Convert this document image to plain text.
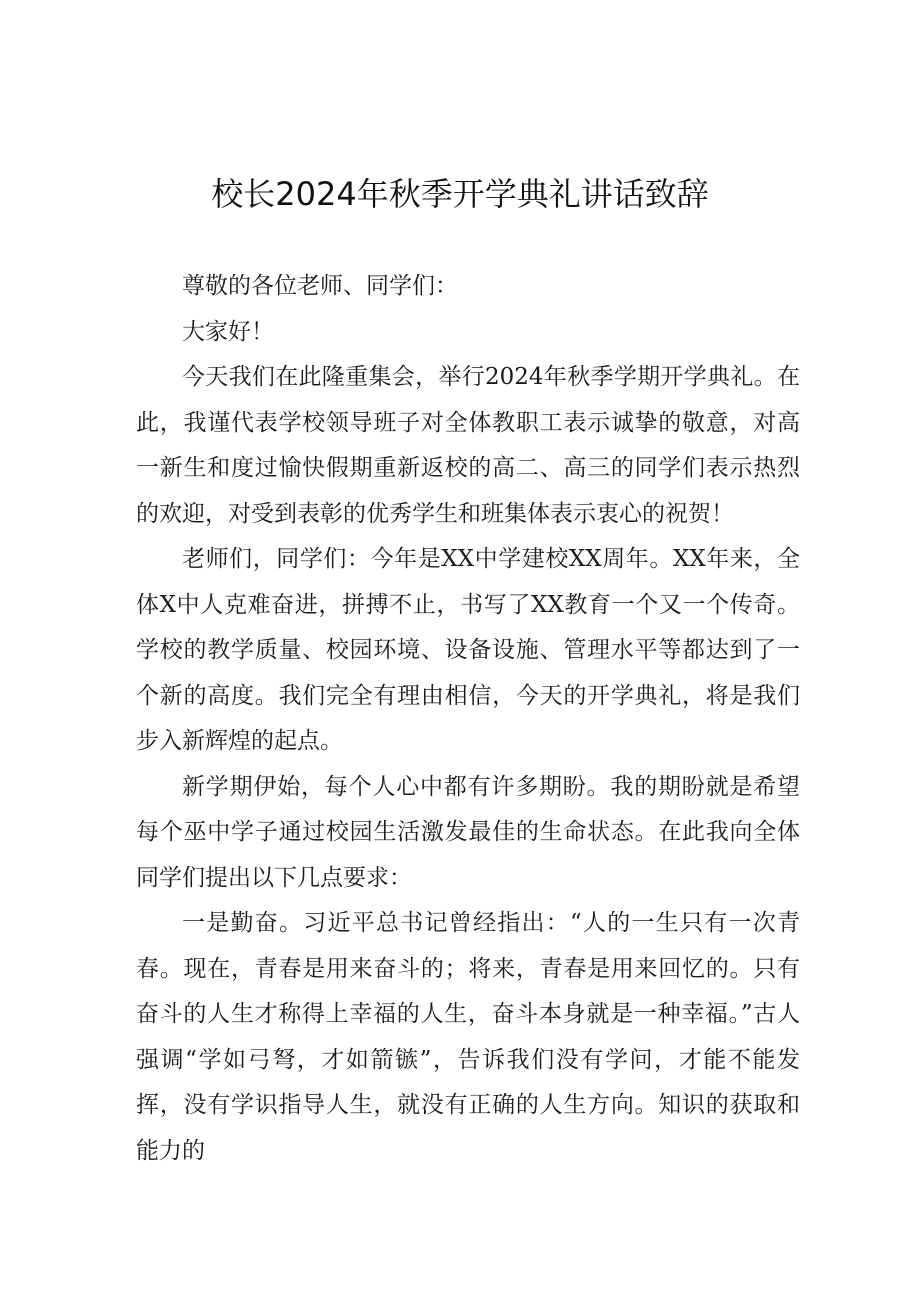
校长2024年秋季开学典礼讲话致辞

尊敬的各位老师、同学们：

大家好！

今天我们在此隆重集会，举行2024年秋季学期开学典礼。在此，我谨代表学校领导班子对全体教职工表示诚挚的敬意，对高一新生和度过愉快假期重新返校的高二、高三的同学们表示热烈的欢迎，对受到表彰的优秀学生和班集体表示衷心的祝贺！

老师们，同学们：今年是XX中学建校XX周年。XX年来，全体X中人克难奋进，拼搏不止，书写了XX教育一个又一个传奇。学校的教学质量、校园环境、设备设施、管理水平等都达到了一个新的高度。我们完全有理由相信，今天的开学典礼，将是我们步入新辉煌的起点。

新学期伊始，每个人心中都有许多期盼。我的期盼就是希望每个巫中学子通过校园生活激发最佳的生命状态。在此我向全体同学们提出以下几点要求：

一是勤奋。习近平总书记曾经指出：“人的一生只有一次青春。现在，青春是用来奋斗的；将来，青春是用来回忆的。只有奋斗的人生才称得上幸福的人生，奋斗本身就是一种幸福。”古人强调“学如弓弩，才如箭镞”，告诉我们没有学问，才能不能发挥，没有学识指导人生，就没有正确的人生方向。知识的获取和能力的
